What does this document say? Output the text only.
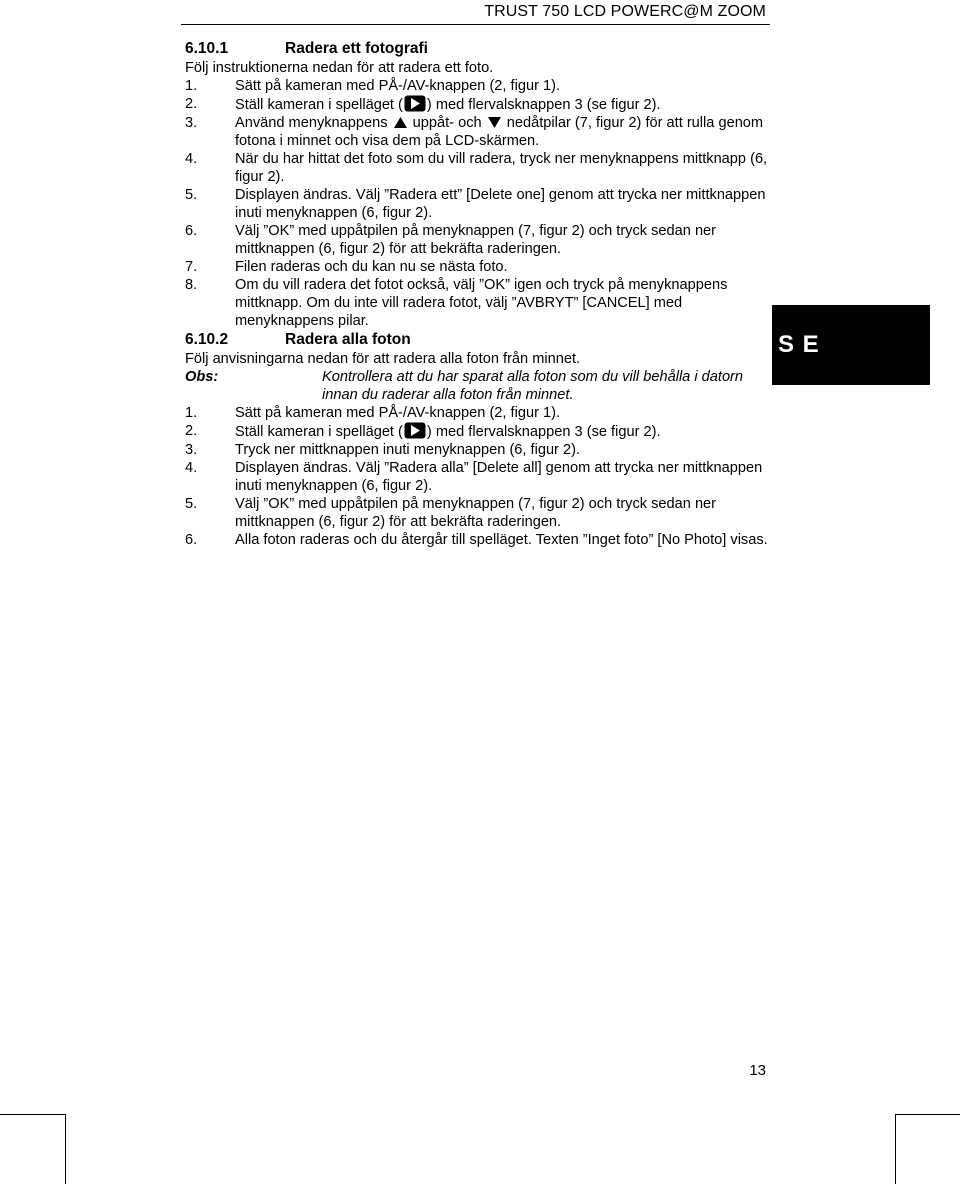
TRUST 750 LCD POWERC@M ZOOM
6.10.1	Radera ett fotografi
Följ instruktionerna nedan för att radera ett foto.
1.	Sätt på kameran med PÅ-/AV-knappen (2, figur 1).
2.	Ställ kameran i spelläget ( ) med flervalsknappen 3 (se figur 2).
3.	Använd menyknappens uppåt- och nedåtpilar (7, figur 2) för att rulla genom fotona i minnet och visa dem på LCD-skärmen.
4.	När du har hittat det foto som du vill radera, tryck ner menyknappens mittknapp (6, figur 2).
5.	Displayen ändras. Välj ”Radera ett” [Delete one] genom att trycka ner mittknappen inuti menyknappen (6, figur 2).
6.	Välj ”OK” med uppåtpilen på menyknappen (7, figur 2) och tryck sedan ner mittknappen (6, figur 2) för att bekräfta raderingen.
7.	Filen raderas och du kan nu se nästa foto.
8.	Om du vill radera det fotot också, välj ”OK” igen och tryck på menyknappens mittknapp. Om du inte vill radera fotot, välj ”AVBRYT” [CANCEL] med menyknappens pilar.
6.10.2	Radera alla foton
Följ anvisningarna nedan för att radera alla foton från minnet.
Obs:	Kontrollera att du har sparat alla foton som du vill behålla i datorn innan du raderar alla foton från minnet.
1.	Sätt på kameran med PÅ-/AV-knappen (2, figur 1).
2.	Ställ kameran i spelläget ( ) med flervalsknappen 3 (se figur 2).
3.	Tryck ner mittknappen inuti menyknappen (6, figur 2).
4.	Displayen ändras. Välj ”Radera alla” [Delete all] genom att trycka ner mittknappen inuti menyknappen (6, figur 2).
5.	Välj ”OK” med uppåtpilen på menyknappen (7, figur 2) och tryck sedan ner mittknappen (6, figur 2) för att bekräfta raderingen.
6.	Alla foton raderas och du återgår till spelläget. Texten ”Inget foto” [No Photo] visas.
S E
13
